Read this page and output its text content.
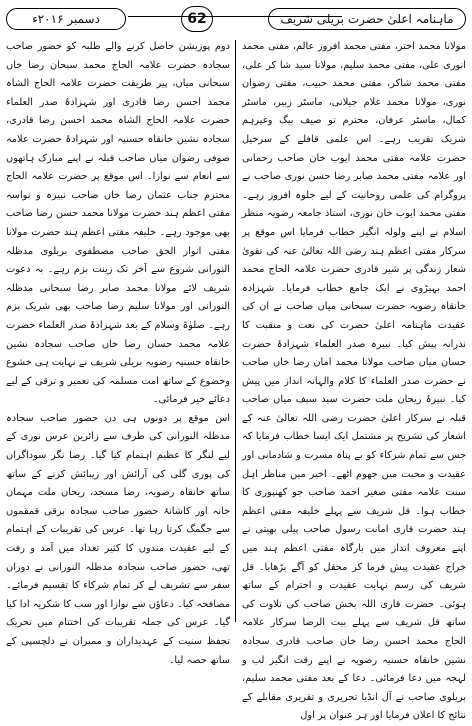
دسمبر ۲۰۱۶ء	62	ماہنامہ اعلیٰ حضرت بریلی شریف

مولانا محمد اختر، مفتی محمد افروز عالم، مفتی محمد انوری علی، مفتی محمد سلیم، مولانا سید شا کر علی، مفتی محمد شاکر، مفتی محمد حبیب، مفتی رضوان نوری، مولانا محمد غلام جیلانی، ماسٹر زبیر، ماسٹر کمال، ماسٹر عرفان، محترم تو صیف بیگ وغیرہم شریک تقریب رہے۔ اس علمی قافلے کے سرخیل حضرت علامہ مفتی محمد ایوب خان صاحب رحمانی اور علامہ مفتی محمد صابر رضا حسن نوری صاحب نے پروگرام کی علمی روحانیت کے لیے جلوہ افروز رہے۔ مفتی محمد ایوب خان نوری، استاذ جامعہ رضویہ منظر اسلام نے اپنے ولولہ انگیز خطاب فرمایا اس موقع پر سرکار مفتی اعظم ہند رضی اللہ تعالیٰ عنہ کی تقویٰ شعار زندگی پر شیر قادری حضرت علامہ الحاج محمد احمد بہیڑوی نے ایک جامع خطاب فرمایا۔ شہزادہ خانقاہ رضویہ حضرت سبحانی میاں صاحب نے ان کی عقیدت ماہنامہ اعلیٰ حضرت کی نعت و منقبت کا نذرانہ پیش کیا۔ نبیرہ صدر العلماء شہزادۂ حضرت حسان میاں صاحب مولانا محمد امان رضا خاں صاحب نے حضرت صدر العلماء کا کلام والہانہ انداز میں پیش کیا۔ نبیرۂ ریحان ملت حضرت سید سیف میاں صاحب قبلہ نے سرکار اعلیٰ حضرت رضی اللہ تعالیٰ عنہ کے اشعار کی تشریح پر مشتمل ایک ایسا خطاب فرمایا کہ جس سے تمام شرکاء کو بے پناہ مسرت و شادمانی اور عقیدت و محبت میں جھوم اٹھے۔ اخیر میں مناظر اہل سنت علامہ مفتی صغیر احمد صاحب جو کھنپوری کا خطاب ہوا۔ قل شریف سے پہلے خلیفہ مفتی اعظم ہند حضرت قاری امانت رسول صاحب پیلی بھیتی نے اپنے معروف انداز میں بارگاہ مفتی اعظم ہند میں خراج عقیدت پیش فرما کر محفل کو آگے بڑھایا۔ قل شریف کی رسم نہایت عقیدت و احترام کے ساتھ ہوئی۔ حضرت قاری اللہ بخش صاحب کی تلاوت کی ساتھ قل شریف سے پہلے بیت الرضا سرکار علامہ الحاج محمد احسن رضا خان صاحب قادری سجادہ نشین خانقاہ حسنیہ رضویہ نے اپنے رقت انگیز لب و لہجہ میں دعا فرمائی۔ دعا کے بعد مفتی محمد سلیم، بریلوی صاحب نے آل انڈیا تحریری و تقریری مقابلے کے نتائج کا اعلان فرمایا اور ہر عنوان پر اول

دوم پوزیشن حاصل کرنے والے طلبہ کو حضور صاحب سجادہ حضرت علامہ الحاج محمد سبحان رضا خاں سبحانی میاں، پیر طریقت حضرت علامہ الحاج الشاہ محمد احسن رضا قادری اور شہزادۂ صدر العلماء حضرت علامہ الحاج الشاہ محمد احسن رضا قادری، سجادہ نشین خانقاہ حسنیہ اور شہزادۂ حضرت علامہ صوفی رضوان میاں صاحب قبلہ نے اپنے مبارک ہاتھوں سے انعام سے نوازا۔ اس موقع پر حضرت علامہ الحاج محترم جناب عثمان رضا خاں صاحب نبیرہ و نواسہ مفتی اعظم ہند حضرت مولانا محمد حسن رضا صاحب بھی موجود رہے۔ خلیفہ مفتی اعظم ہند حضرت مولانا مفتی انوار الحق صاحب مصطفوی بریلوی مدظلہ النورانی شروع سے آخر تک زینت بزم رہے۔ بہ دعوت شریف لائے مولانا محمد صابر رضا سبحانی مدظلہ النورانی اور مولانا سلیم رضا صاحب بھی شریک بزم رہے۔ صلوٰۃ وسلام کے بعد شہزادۂ صدر العلماء حضرت علامہ محمد حسان رضا خاں صاحب سجادہ نشین خانقاہ حسنیہ رضویہ بریلی شریف نے نہایت ہی خشوع وخضوع کے ساتھ امت مسلمہ کی تعمیر و ترقی کے لیے دعائے خیر فرمائی۔

اس موقع پر دونوں ہی دن حضور صاحب سجادہ مدظلہ النورانی کی طرف سے زائرین عرس نوری کے لیے لنگر کا عظیم اہتمام کیا گیا۔ رضا نگر سوداگران کی پوری گلی کی آرائش اور زیبائش کرنے کے ساتھ ساتھ خانقاہ رضویہ، رضا مسجد، ریحان ملت مہمان خانہ اور کاشانۂ حضور صاحب سجادہ برقی قمقموں سے جگمگ کرتا رہا تھا۔ عرس کی تقریبات کے اہتمام کے لیے عقیدت مندوں کا کثیر تعداد میں آمد و رفت تھی، حضور صاحب سجادہ مدظلہ النورانی نے دوران سفر سے تشریف لے کر تمام شرکاء کا تقسیم فرمائے۔ مصافحہ کیا۔ دعاؤں سے نوازا اور سب کا شکریہ ادا کیا گیا۔ عرس کی جملہ تقریبات کی اختتام میں تحریک تحفظ سنیت کے عہدیداران و ممبران نے دلچسپی کے ساتھ حصہ لیا۔
